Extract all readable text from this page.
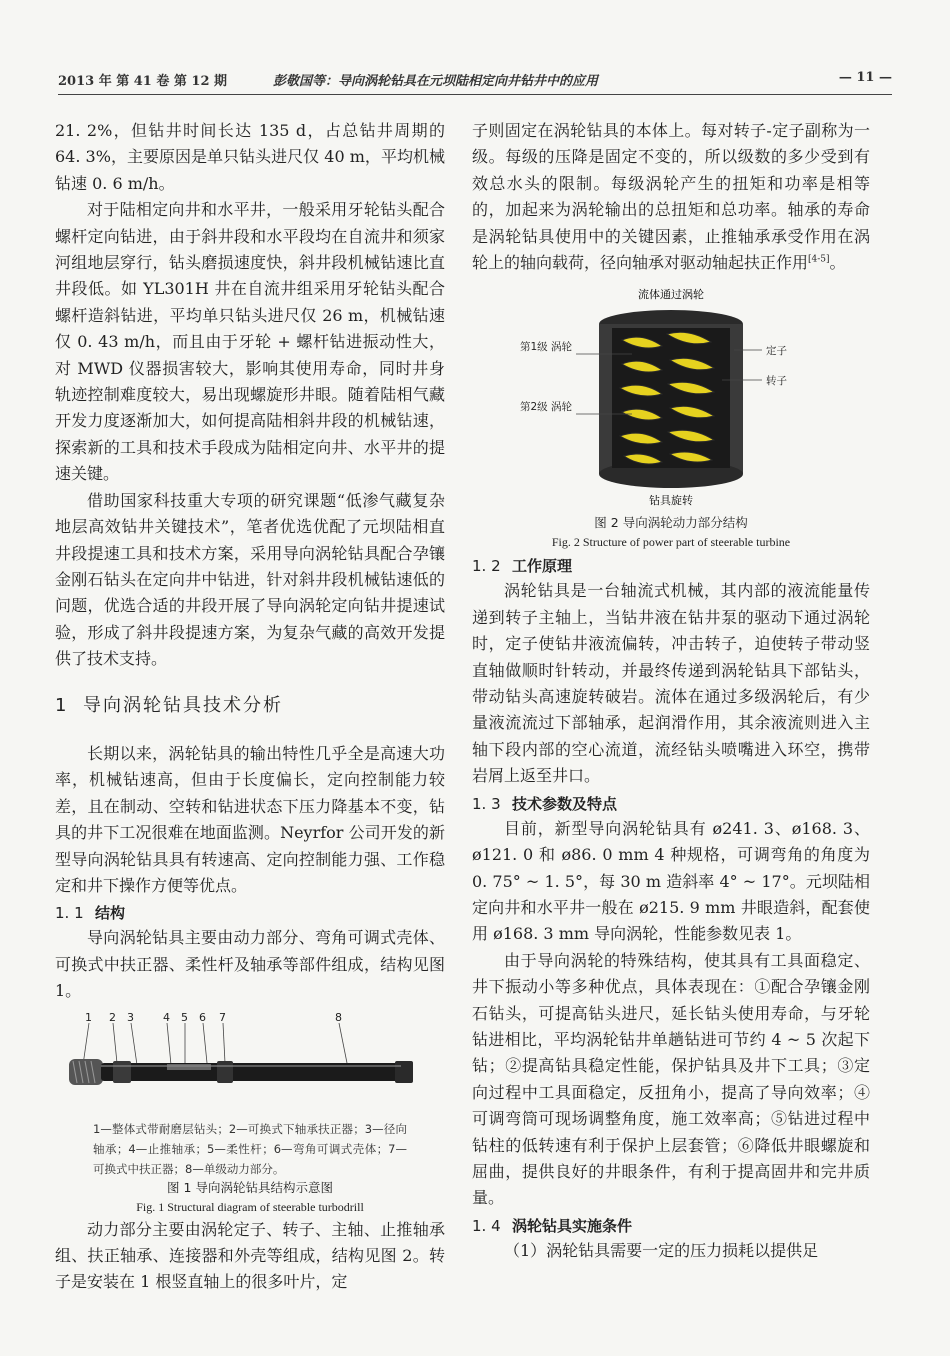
2013 年 第 41 卷 第 12 期	彭敬国等：导向涡轮钻具在元坝陆相定向井钻井中的应用	— 11 —

21. 2%，但钻井时间长达 135 d，占总钻井周期的 64. 3%，主要原因是单只钻头进尺仅 40 m，平均机械钻速 0. 6 m/h。

对于陆相定向井和水平井，一般采用牙轮钻头配合螺杆定向钻进，由于斜井段和水平段均在自流井和须家河组地层穿行，钻头磨损速度快，斜井段机械钻速比直井段低。如 YL301H 井在自流井组采用牙轮钻头配合螺杆造斜钻进，平均单只钻头进尺仅 26 m，机械钻速仅 0. 43 m/h，而且由于牙轮 + 螺杆钻进振动性大，对 MWD 仪器损害较大，影响其使用寿命，同时井身轨迹控制难度较大，易出现螺旋形井眼。随着陆相气藏开发力度逐渐加大，如何提高陆相斜井段的机械钻速，探索新的工具和技术手段成为陆相定向井、水平井的提速关键。

借助国家科技重大专项的研究课题“低渗气藏复杂地层高效钻井关键技术”，笔者优选优配了元坝陆相直井段提速工具和技术方案，采用导向涡轮钻具配合孕镶金刚石钻头在定向井中钻进，针对斜井段机械钻速低的问题，优选合适的井段开展了导向涡轮定向钻井提速试验，形成了斜井段提速方案，为复杂气藏的高效开发提供了技术支持。

1 导向涡轮钻具技术分析

长期以来，涡轮钻具的输出特性几乎全是高速大功率，机械钻速高，但由于长度偏长，定向控制能力较差，且在制动、空转和钻进状态下压力降基本不变，钻具的井下工况很难在地面监测。Neyrfor 公司开发的新型导向涡轮钻具具有转速高、定向控制能力强、工作稳定和井下操作方便等优点。

1. 1 结构

导向涡轮钻具主要由动力部分、弯角可调式壳体、可换式中扶正器、柔性杆及轴承等部件组成，结构见图 1。

1 2 3	4 5 6 7	8
1—整体式带耐磨层钻头；2—可换式下轴承扶正器；3—径向轴承；4—止推轴承；5—柔性杆；6—弯角可调式壳体；7—可换式中扶正器；8—单级动力部分。
图 1 导向涡轮钻具结构示意图
Fig. 1 Structural diagram of steerable turbodrill

动力部分主要由涡轮定子、转子、主轴、止推轴承组、扶正轴承、连接器和外壳等组成，结构见图 2。转子是安装在 1 根竖直轴上的很多叶片，定

子则固定在涡轮钻具的本体上。每对转子-定子副称为一级。每级的压降是固定不变的，所以级数的多少受到有效总水头的限制。每级涡轮产生的扭矩和功率是相等的，加起来为涡轮输出的总扭矩和总功率。轴承的寿命是涡轮钻具使用中的关键因素，止推轴承承受作用在涡轮上的轴向载荷，径向轴承对驱动轴起扶正作用[4-5]。

流体通过涡轮
第1级 涡轮
第2级 涡轮
定子
转子
钻具旋转
图 2 导向涡轮动力部分结构
Fig. 2 Structure of power part of steerable turbine
1. 2 工作原理

涡轮钻具是一台轴流式机械，其内部的液流能量传递到转子主轴上，当钻井液在钻井泵的驱动下通过涡轮时，定子使钻井液流偏转，冲击转子，迫使转子带动竖直轴做顺时针转动，并最终传递到涡轮钻具下部钻头，带动钻头高速旋转破岩。流体在通过多级涡轮后，有少量液流流过下部轴承，起润滑作用，其余液流则进入主轴下段内部的空心流道，流经钻头喷嘴进入环空，携带岩屑上返至井口。

1. 3 技术参数及特点

目前，新型导向涡轮钻具有 ø241. 3、ø168. 3、ø121. 0 和 ø86. 0 mm 4 种规格，可调弯角的角度为 0. 75° ~ 1. 5°，每 30 m 造斜率 4° ~ 17°。元坝陆相定向井和水平井一般在 ø215. 9 mm 井眼造斜，配套使用 ø168. 3 mm 导向涡轮，性能参数见表 1。

由于导向涡轮的特殊结构，使其具有工具面稳定、井下振动小等多种优点，具体表现在：①配合孕镶金刚石钻头，可提高钻头进尺，延长钻头使用寿命，与牙轮钻进相比，平均涡轮钻井单趟钻进可节约 4 ~ 5 次起下钻；②提高钻具稳定性能，保护钻具及井下工具；③定向过程中工具面稳定，反扭角小，提高了导向效率；④可调弯筒可现场调整角度，施工效率高；⑤钻进过程中钻柱的低转速有利于保护上层套管；⑥降低井眼螺旋和屈曲，提供良好的井眼条件，有利于提高固井和完井质量。

1. 4 涡轮钻具实施条件

（1）涡轮钻具需要一定的压力损耗以提供足
